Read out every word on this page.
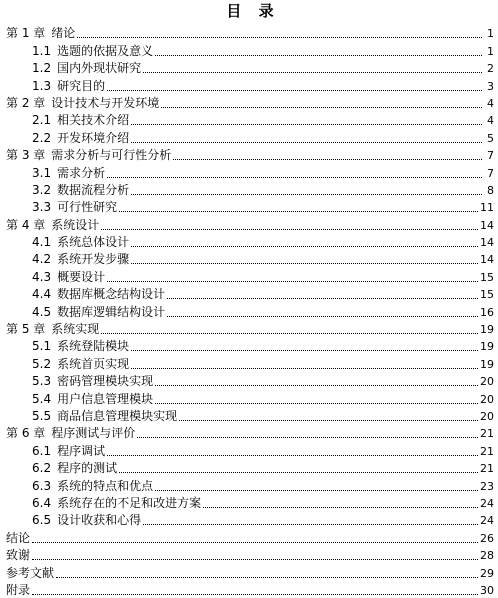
目 录
第 1 章 绪论	1
1.1 选题的依据及意义	1
1.2 国内外现状研究	2
1.3 研究目的	3
第 2 章 设计技术与开发环境	4
2.1 相关技术介绍	4
2.2 开发环境介绍	5
第 3 章 需求分析与可行性分析	7
3.1 需求分析	7
3.2 数据流程分析	8
3.3 可行性研究	11
第 4 章 系统设计	14
4.1 系统总体设计	14
4.2 系统开发步骤	14
4.3 概要设计	15
4.4 数据库概念结构设计	15
4.5 数据库逻辑结构设计	16
第 5 章 系统实现	19
5.1 系统登陆模块	19
5.2 系统首页实现	19
5.3 密码管理模块实现	20
5.4 用户信息管理模块	20
5.5 商品信息管理模块实现	20
第 6 章 程序测试与评价	21
6.1 程序调试	21
6.2 程序的测试	21
6.3 系统的特点和优点	23
6.4 系统存在的不足和改进方案	24
6.5 设计收获和心得	24
结论	26
致谢	28
参考文献	29
附录	30
